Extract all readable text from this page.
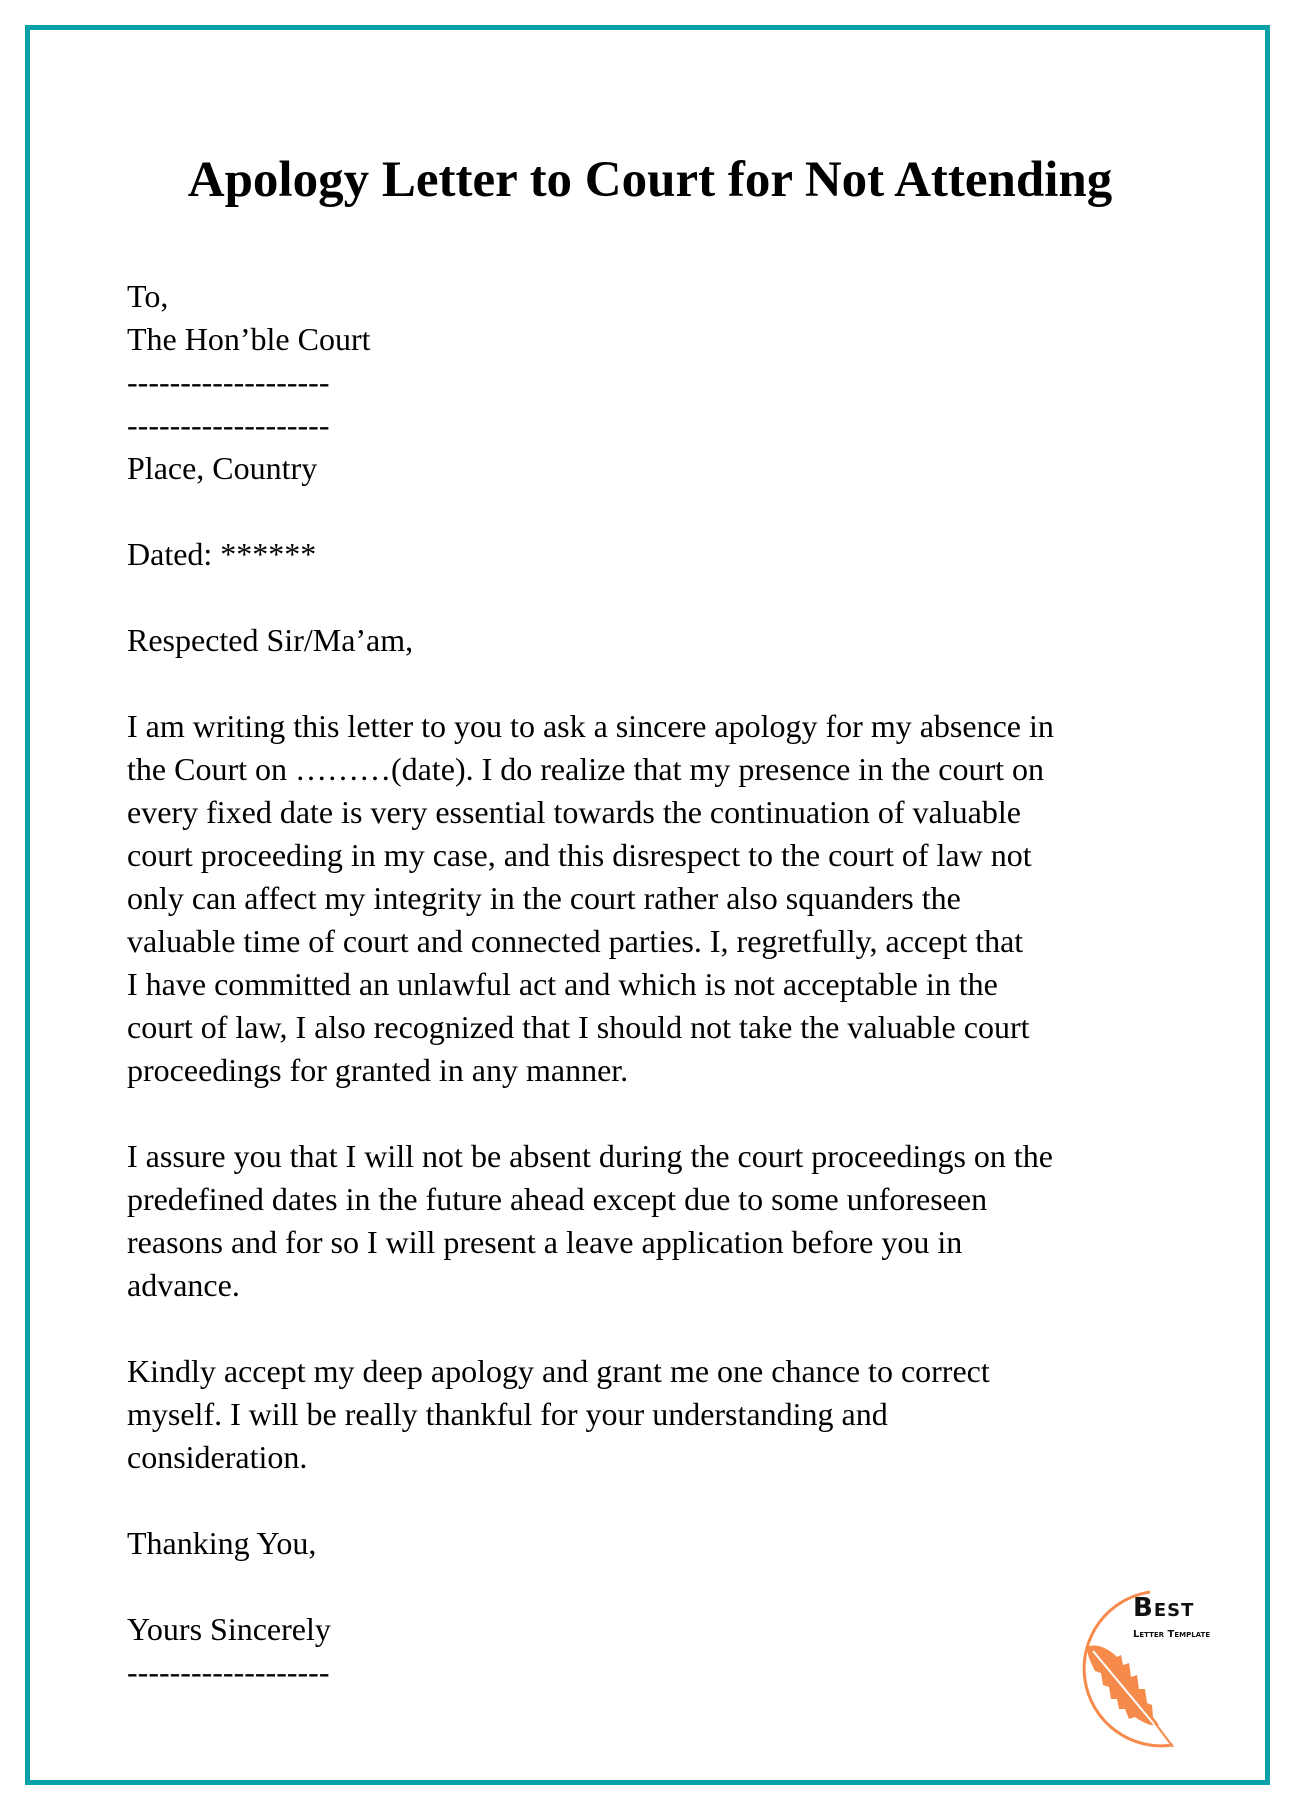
Apology Letter to Court for Not Attending
To,
The Hon’ble Court
-------------------
-------------------
Place, Country
Dated: ******
Respected Sir/Ma’am,
I am writing this letter to you to ask a sincere apology for my absence in
the Court on ………(date). I do realize that my presence in the court on
every fixed date is very essential towards the continuation of valuable
court proceeding in my case, and this disrespect to the court of law not
only can affect my integrity in the court rather also squanders the
valuable time of court and connected parties. I, regretfully, accept that
I have committed an unlawful act and which is not acceptable in the
court of law, I also recognized that I should not take the valuable court
proceedings for granted in any manner.
I assure you that I will not be absent during the court proceedings on the
predefined dates in the future ahead except due to some unforeseen
reasons and for so I will present a leave application before you in
advance.
Kindly accept my deep apology and grant me one chance to correct
myself. I will be really thankful for your understanding and
consideration.
Thanking You,
Yours Sincerely
-------------------
Best
Letter Template
